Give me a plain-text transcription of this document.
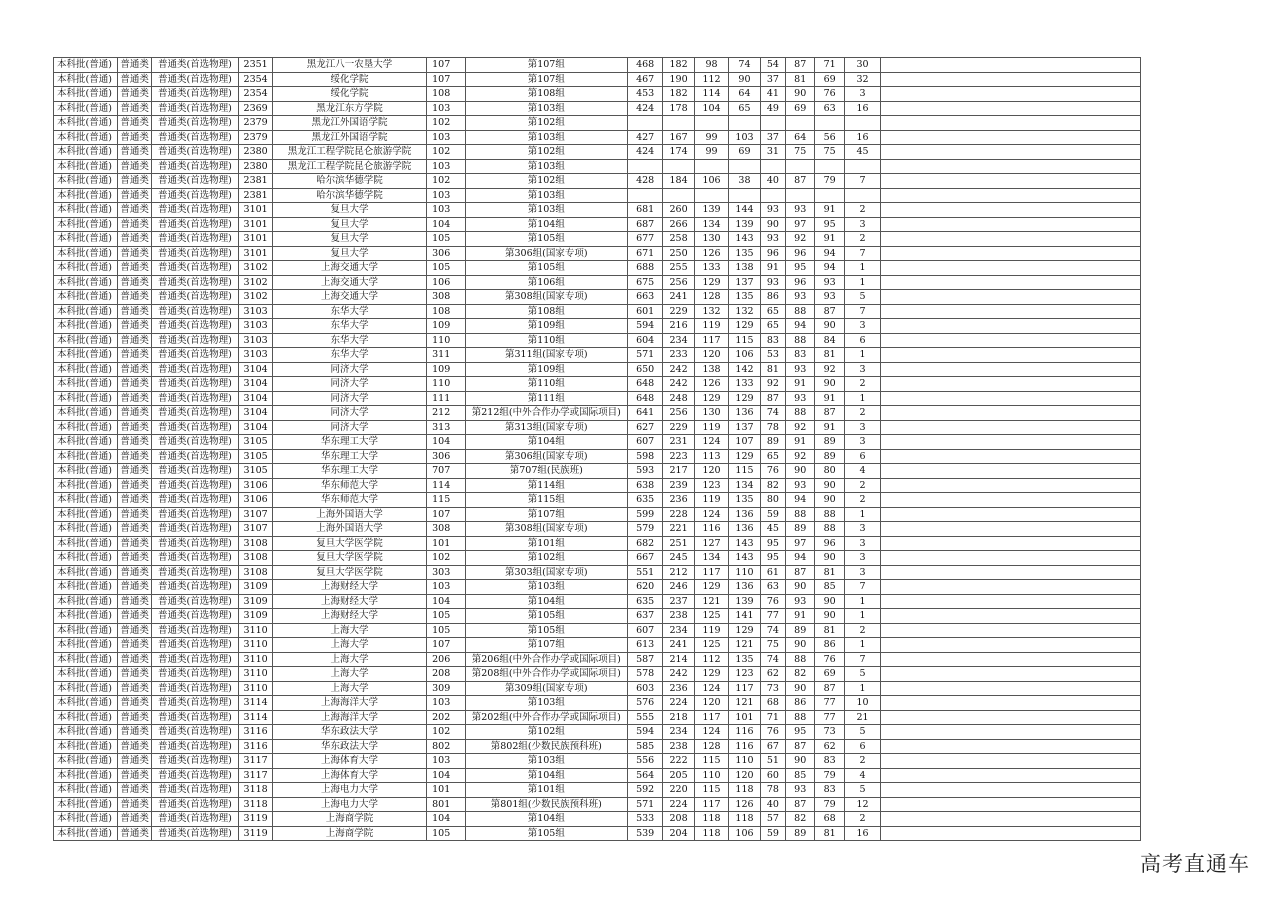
本科批(普通)	普通类	普通类(首选物理)	2351	黑龙江八一农垦大学	107	第107组	468	182	98	74	54	87	71	30	
本科批(普通)	普通类	普通类(首选物理)	2354	绥化学院	107	第107组	467	190	112	90	37	81	69	32	
本科批(普通)	普通类	普通类(首选物理)	2354	绥化学院	108	第108组	453	182	114	64	41	90	76	3	
本科批(普通)	普通类	普通类(首选物理)	2369	黑龙江东方学院	103	第103组	424	178	104	65	49	69	63	16	
本科批(普通)	普通类	普通类(首选物理)	2379	黑龙江外国语学院	102	第102组									
本科批(普通)	普通类	普通类(首选物理)	2379	黑龙江外国语学院	103	第103组	427	167	99	103	37	64	56	16	
本科批(普通)	普通类	普通类(首选物理)	2380	黑龙江工程学院昆仑旅游学院	102	第102组	424	174	99	69	31	75	75	45	
本科批(普通)	普通类	普通类(首选物理)	2380	黑龙江工程学院昆仑旅游学院	103	第103组									
本科批(普通)	普通类	普通类(首选物理)	2381	哈尔滨华德学院	102	第102组	428	184	106	38	40	87	79	7	
本科批(普通)	普通类	普通类(首选物理)	2381	哈尔滨华德学院	103	第103组									
本科批(普通)	普通类	普通类(首选物理)	3101	复旦大学	103	第103组	681	260	139	144	93	93	91	2	
本科批(普通)	普通类	普通类(首选物理)	3101	复旦大学	104	第104组	687	266	134	139	90	97	95	3	
本科批(普通)	普通类	普通类(首选物理)	3101	复旦大学	105	第105组	677	258	130	143	93	92	91	2	
本科批(普通)	普通类	普通类(首选物理)	3101	复旦大学	306	第306组(国家专项)	671	250	126	135	96	96	94	7	
本科批(普通)	普通类	普通类(首选物理)	3102	上海交通大学	105	第105组	688	255	133	138	91	95	94	1	
本科批(普通)	普通类	普通类(首选物理)	3102	上海交通大学	106	第106组	675	256	129	137	93	96	93	1	
本科批(普通)	普通类	普通类(首选物理)	3102	上海交通大学	308	第308组(国家专项)	663	241	128	135	86	93	93	5	
本科批(普通)	普通类	普通类(首选物理)	3103	东华大学	108	第108组	601	229	132	132	65	88	87	7	
本科批(普通)	普通类	普通类(首选物理)	3103	东华大学	109	第109组	594	216	119	129	65	94	90	3	
本科批(普通)	普通类	普通类(首选物理)	3103	东华大学	110	第110组	604	234	117	115	83	88	84	6	
本科批(普通)	普通类	普通类(首选物理)	3103	东华大学	311	第311组(国家专项)	571	233	120	106	53	83	81	1	
本科批(普通)	普通类	普通类(首选物理)	3104	同济大学	109	第109组	650	242	138	142	81	93	92	3	
本科批(普通)	普通类	普通类(首选物理)	3104	同济大学	110	第110组	648	242	126	133	92	91	90	2	
本科批(普通)	普通类	普通类(首选物理)	3104	同济大学	111	第111组	648	248	129	129	87	93	91	1	
本科批(普通)	普通类	普通类(首选物理)	3104	同济大学	212	第212组(中外合作办学或国际项目)	641	256	130	136	74	88	87	2	
本科批(普通)	普通类	普通类(首选物理)	3104	同济大学	313	第313组(国家专项)	627	229	119	137	78	92	91	3	
本科批(普通)	普通类	普通类(首选物理)	3105	华东理工大学	104	第104组	607	231	124	107	89	91	89	3	
本科批(普通)	普通类	普通类(首选物理)	3105	华东理工大学	306	第306组(国家专项)	598	223	113	129	65	92	89	6	
本科批(普通)	普通类	普通类(首选物理)	3105	华东理工大学	707	第707组(民族班)	593	217	120	115	76	90	80	4	
本科批(普通)	普通类	普通类(首选物理)	3106	华东师范大学	114	第114组	638	239	123	134	82	93	90	2	
本科批(普通)	普通类	普通类(首选物理)	3106	华东师范大学	115	第115组	635	236	119	135	80	94	90	2	
本科批(普通)	普通类	普通类(首选物理)	3107	上海外国语大学	107	第107组	599	228	124	136	59	88	88	1	
本科批(普通)	普通类	普通类(首选物理)	3107	上海外国语大学	308	第308组(国家专项)	579	221	116	136	45	89	88	3	
本科批(普通)	普通类	普通类(首选物理)	3108	复旦大学医学院	101	第101组	682	251	127	143	95	97	96	3	
本科批(普通)	普通类	普通类(首选物理)	3108	复旦大学医学院	102	第102组	667	245	134	143	95	94	90	3	
本科批(普通)	普通类	普通类(首选物理)	3108	复旦大学医学院	303	第303组(国家专项)	551	212	117	110	61	87	81	3	
本科批(普通)	普通类	普通类(首选物理)	3109	上海财经大学	103	第103组	620	246	129	136	63	90	85	7	
本科批(普通)	普通类	普通类(首选物理)	3109	上海财经大学	104	第104组	635	237	121	139	76	93	90	1	
本科批(普通)	普通类	普通类(首选物理)	3109	上海财经大学	105	第105组	637	238	125	141	77	91	90	1	
本科批(普通)	普通类	普通类(首选物理)	3110	上海大学	105	第105组	607	234	119	129	74	89	81	2	
本科批(普通)	普通类	普通类(首选物理)	3110	上海大学	107	第107组	613	241	125	121	75	90	86	1	
本科批(普通)	普通类	普通类(首选物理)	3110	上海大学	206	第206组(中外合作办学或国际项目)	587	214	112	135	74	88	76	7	
本科批(普通)	普通类	普通类(首选物理)	3110	上海大学	208	第208组(中外合作办学或国际项目)	578	242	129	123	62	82	69	5	
本科批(普通)	普通类	普通类(首选物理)	3110	上海大学	309	第309组(国家专项)	603	236	124	117	73	90	87	1	
本科批(普通)	普通类	普通类(首选物理)	3114	上海海洋大学	103	第103组	576	224	120	121	68	86	77	10	
本科批(普通)	普通类	普通类(首选物理)	3114	上海海洋大学	202	第202组(中外合作办学或国际项目)	555	218	117	101	71	88	77	21	
本科批(普通)	普通类	普通类(首选物理)	3116	华东政法大学	102	第102组	594	234	124	116	76	95	73	5	
本科批(普通)	普通类	普通类(首选物理)	3116	华东政法大学	802	第802组(少数民族预科班)	585	238	128	116	67	87	62	6	
本科批(普通)	普通类	普通类(首选物理)	3117	上海体育大学	103	第103组	556	222	115	110	51	90	83	2	
本科批(普通)	普通类	普通类(首选物理)	3117	上海体育大学	104	第104组	564	205	110	120	60	85	79	4	
本科批(普通)	普通类	普通类(首选物理)	3118	上海电力大学	101	第101组	592	220	115	118	78	93	83	5	
本科批(普通)	普通类	普通类(首选物理)	3118	上海电力大学	801	第801组(少数民族预科班)	571	224	117	126	40	87	79	12	
本科批(普通)	普通类	普通类(首选物理)	3119	上海商学院	104	第104组	533	208	118	118	57	82	68	2	
本科批(普通)	普通类	普通类(首选物理)	3119	上海商学院	105	第105组	539	204	118	106	59	89	81	16	
高考直通车
